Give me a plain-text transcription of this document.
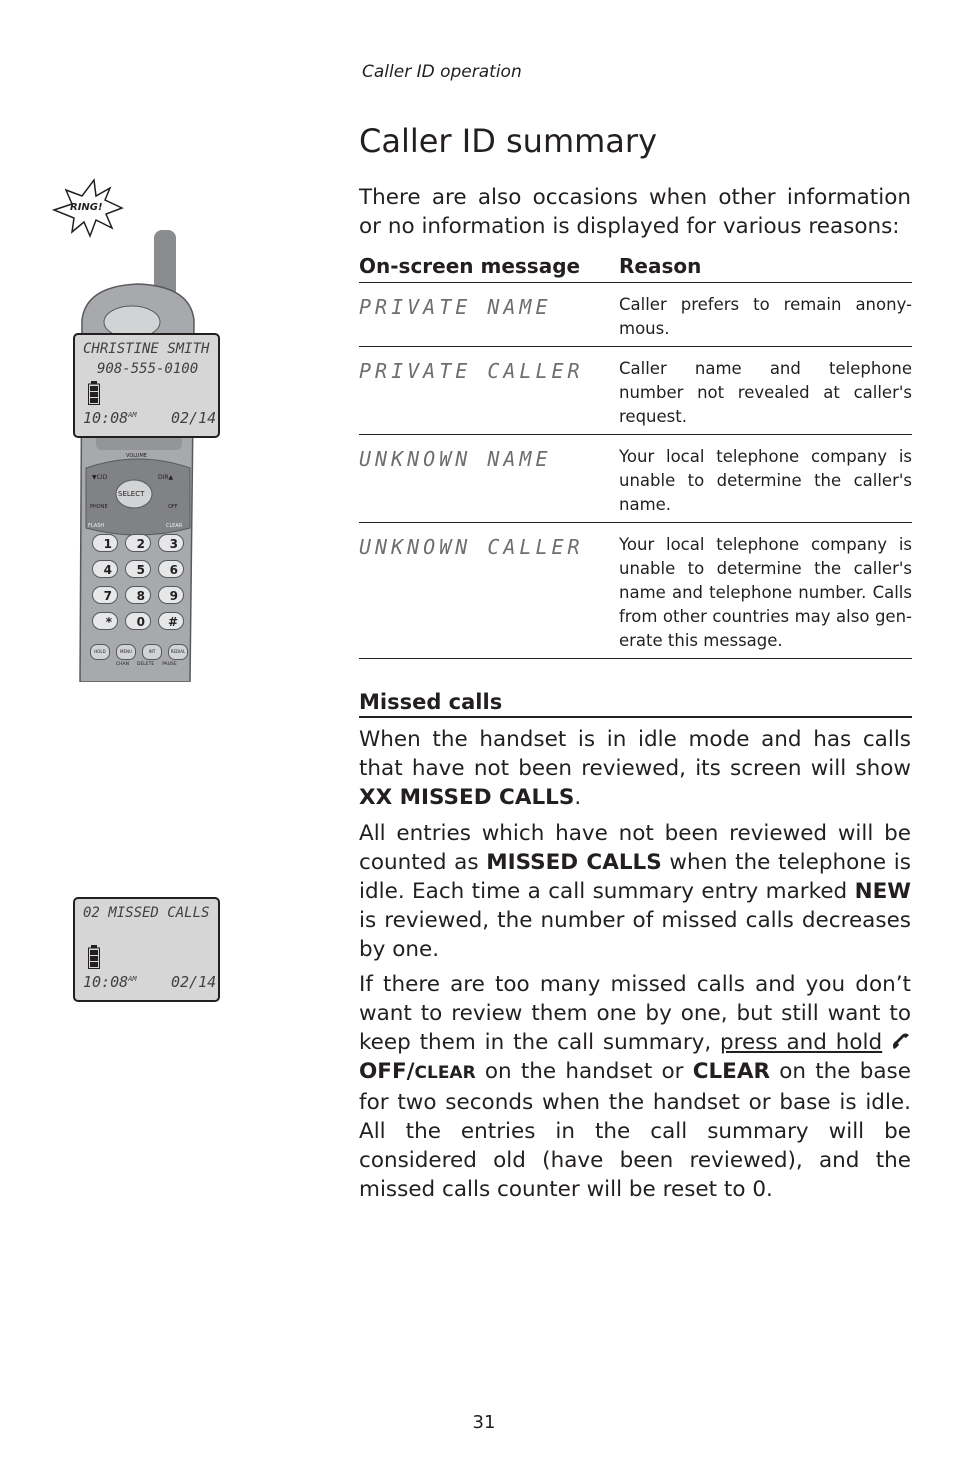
Caller ID operation
Caller ID summary

There are also occasions when other information or no information is displayed for various reasons:

On-screen message	Reason
PRIVATE NAME	Caller prefers to remain anony-mous.
PRIVATE CALLER	Caller name and telephone number not revealed at caller's request.
UNKNOWN NAME	Your local telephone company is unable to determine the caller's name.
UNKNOWN CALLER	Your local telephone company is unable to determine the caller's name and telephone number. Calls from other countries may also gen-erate this message.
Missed calls

When the handset is in idle mode and has calls that have not been reviewed, its screen will show XX MISSED CALLS.

All entries which have not been reviewed will be counted as MISSED CALLS when the telephone is idle. Each time a call summary entry marked NEW is reviewed, the number of missed calls decreases by one.

If there are too many missed calls and you don’t want to review them one by one, but still want to keep them in the call summary, press and hold OFF/CLEAR on the handset or CLEAR on the base for two seconds when the handset or base is idle. All the entries in the call summary will be considered old (have been reviewed), and the missed calls counter will be reset to 0.

RING!
VOLUME
▼CID	DIR▲
SELECT
PHONE	OFF
FLASH	CLEAR
1	2	3
4	5	6
7	8	9
*	0	#
HOLD	MENU	INT	REDIAL
CHAN DELETE PAUSE
CHRISTINE SMITH
908-555-0100
$10:08^{AM}$ 02/14
02 MISSED CALLS
$10:08^{AM}$ 02/14
31
